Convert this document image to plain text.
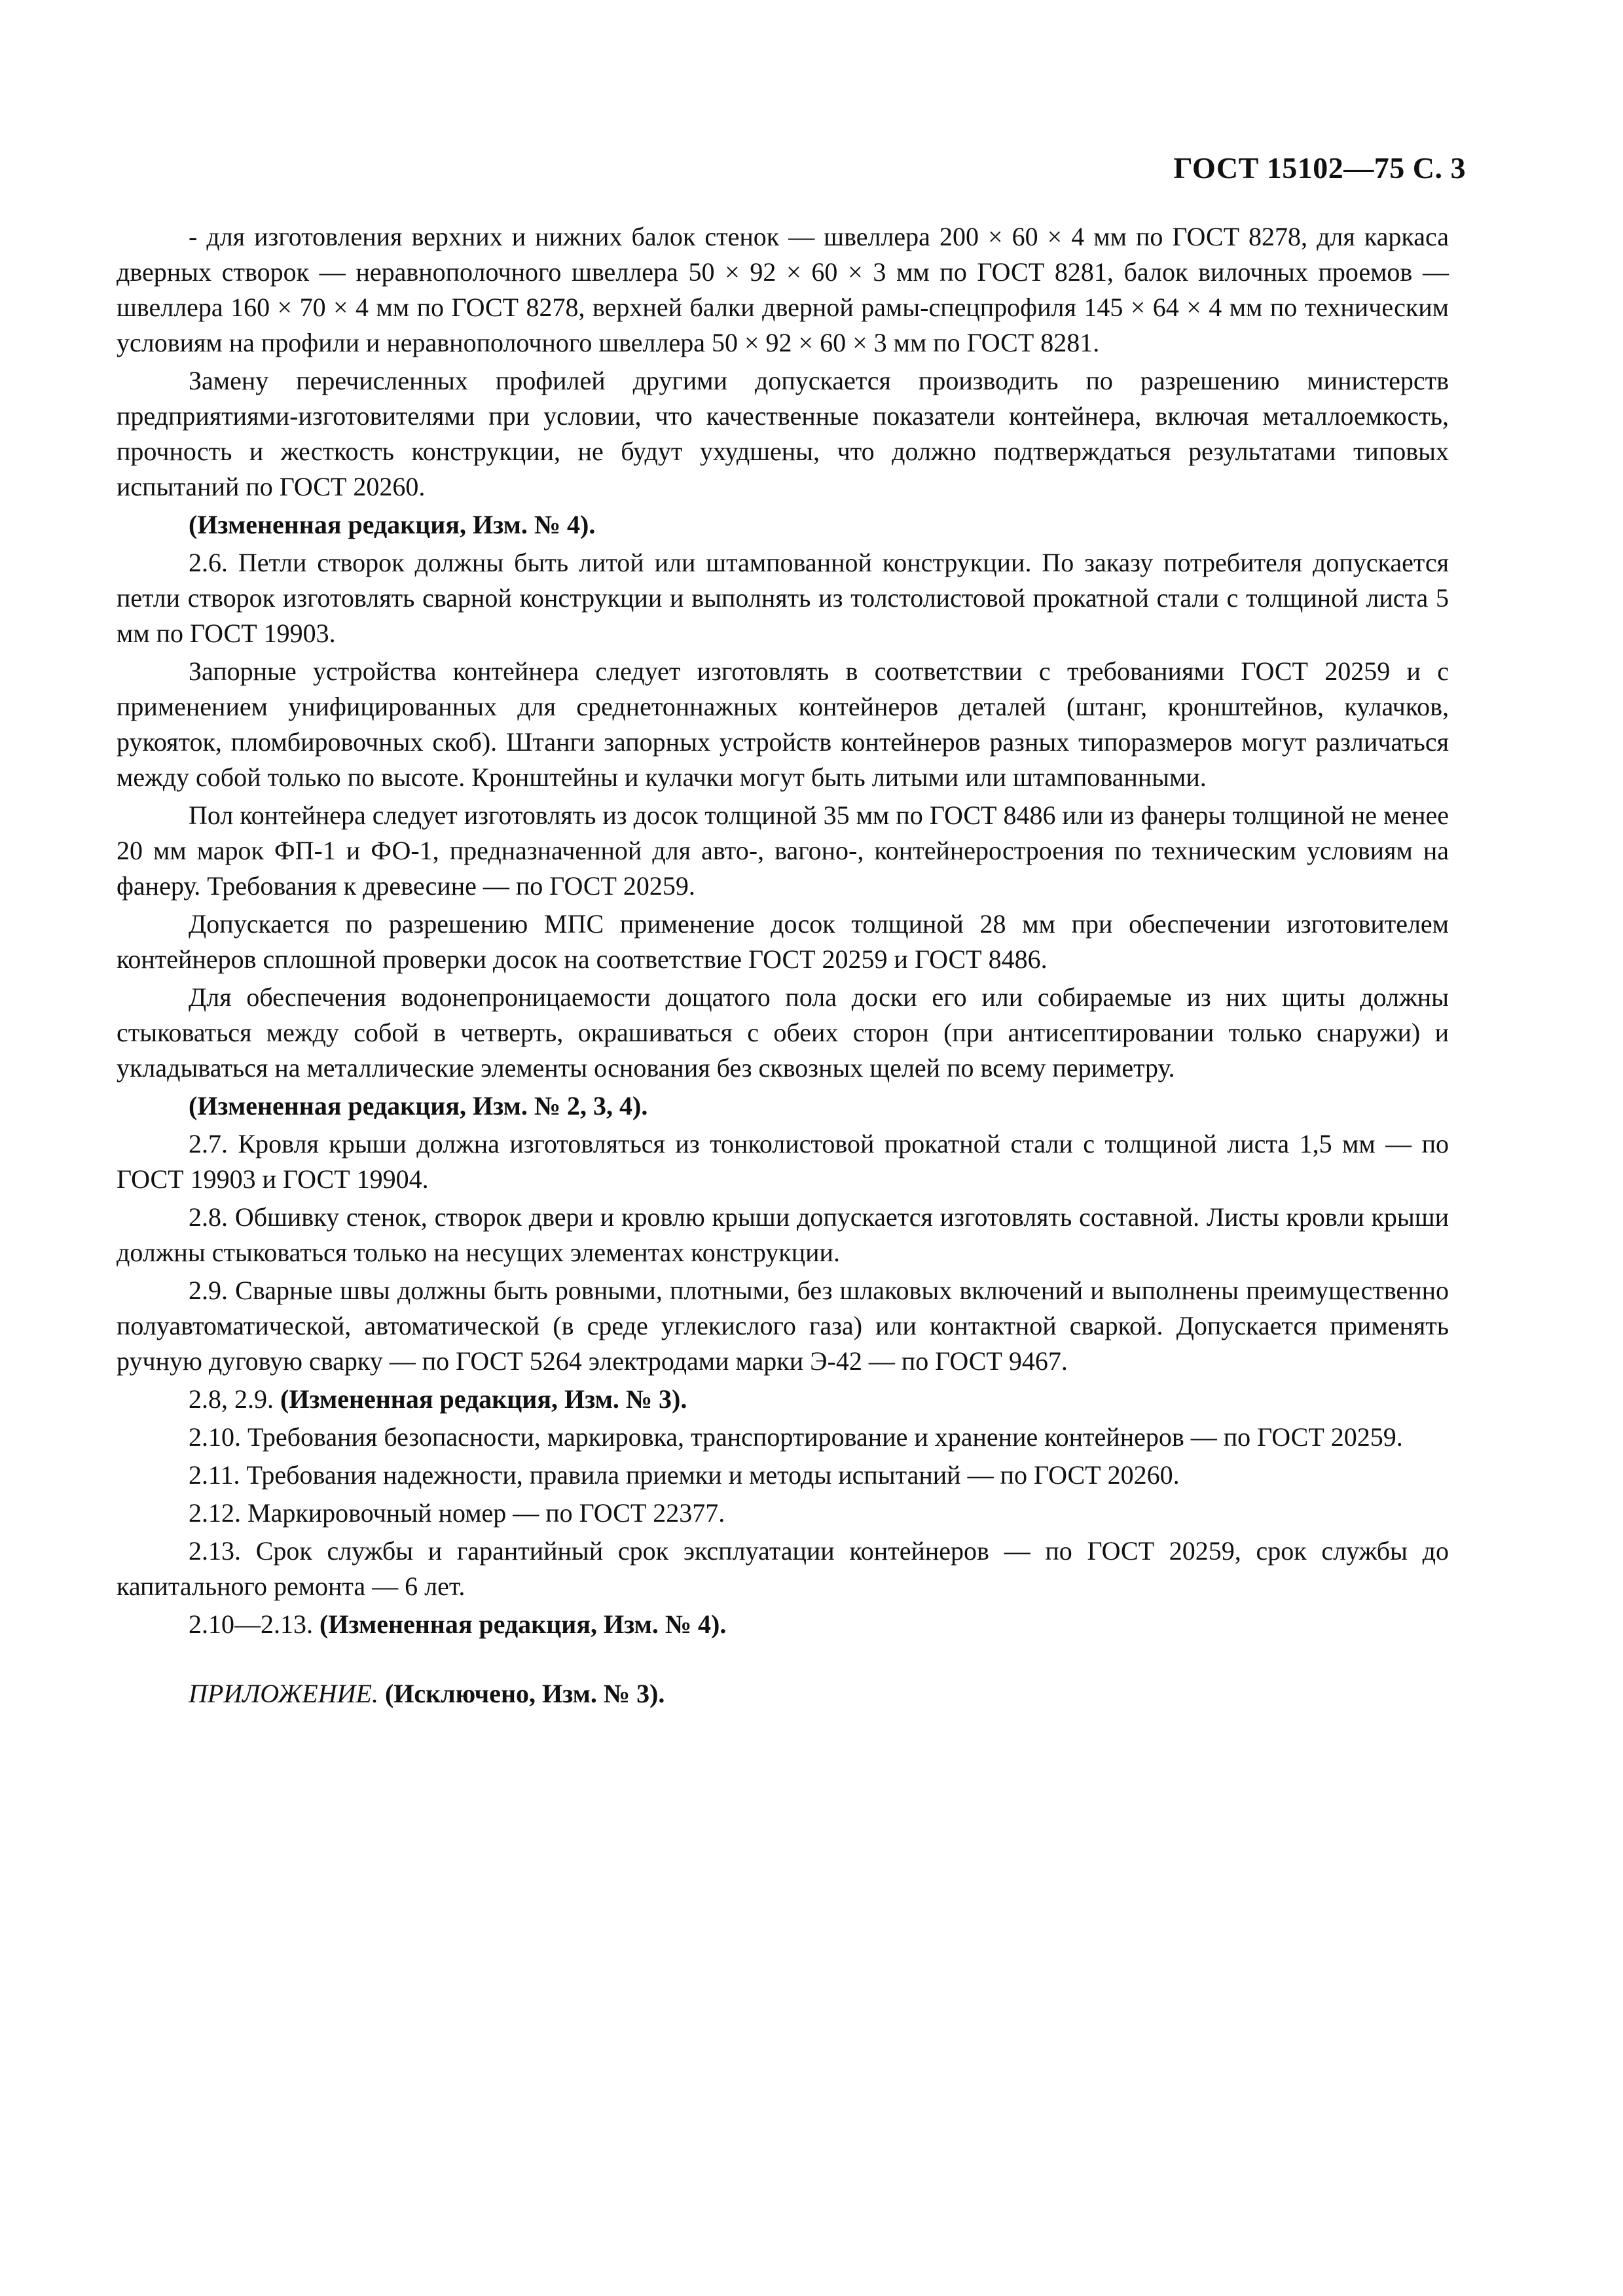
ГОСТ 15102—75 С. 3

- для изготовления верхних и нижних балок стенок — швеллера 200 × 60 × 4 мм по ГОСТ 8278, для каркаса дверных створок — неравнополочного швеллера 50 × 92 × 60 × 3 мм по ГОСТ 8281, балок вилочных проемов — швеллера 160 × 70 × 4 мм по ГОСТ 8278, верхней балки дверной рамы-спецпрофиля 145 × 64 × 4 мм по техническим условиям на профили и неравнополочного швеллера 50 × 92 × 60 × 3 мм по ГОСТ 8281.

Замену перечисленных профилей другими допускается производить по разрешению министерств предприятиями-изготовителями при условии, что качественные показатели контейнера, включая металлоемкость, прочность и жесткость конструкции, не будут ухудшены, что должно подтверждаться результатами типовых испытаний по ГОСТ 20260.

(Измененная редакция, Изм. № 4).

2.6. Петли створок должны быть литой или штампованной конструкции. По заказу потребителя допускается петли створок изготовлять сварной конструкции и выполнять из толстолистовой прокатной стали с толщиной листа 5 мм по ГОСТ 19903.

Запорные устройства контейнера следует изготовлять в соответствии с требованиями ГОСТ 20259 и с применением унифицированных для среднетоннажных контейнеров деталей (штанг, кронштейнов, кулачков, рукояток, пломбировочных скоб). Штанги запорных устройств контейнеров разных типоразмеров могут различаться между собой только по высоте. Кронштейны и кулачки могут быть литыми или штампованными.

Пол контейнера следует изготовлять из досок толщиной 35 мм по ГОСТ 8486 или из фанеры толщиной не менее 20 мм марок ФП-1 и ФО-1, предназначенной для авто-, вагоно-, контейнеростроения по техническим условиям на фанеру. Требования к древесине — по ГОСТ 20259.

Допускается по разрешению МПС применение досок толщиной 28 мм при обеспечении изготовителем контейнеров сплошной проверки досок на соответствие ГОСТ 20259 и ГОСТ 8486.

Для обеспечения водонепроницаемости дощатого пола доски его или собираемые из них щиты должны стыковаться между собой в четверть, окрашиваться с обеих сторон (при антисептировании только снаружи) и укладываться на металлические элементы основания без сквозных щелей по всему периметру.

(Измененная редакция, Изм. № 2, 3, 4).

2.7. Кровля крыши должна изготовляться из тонколистовой прокатной стали с толщиной листа 1,5 мм — по ГОСТ 19903 и ГОСТ 19904.

2.8. Обшивку стенок, створок двери и кровлю крыши допускается изготовлять составной. Листы кровли крыши должны стыковаться только на несущих элементах конструкции.

2.9. Сварные швы должны быть ровными, плотными, без шлаковых включений и выполнены преимущественно полуавтоматической, автоматической (в среде углекислого газа) или контактной сваркой. Допускается применять ручную дуговую сварку — по ГОСТ 5264 электродами марки Э-42 — по ГОСТ 9467.

2.8, 2.9. (Измененная редакция, Изм. № 3).

2.10. Требования безопасности, маркировка, транспортирование и хранение контейнеров — по ГОСТ 20259.

2.11. Требования надежности, правила приемки и методы испытаний — по ГОСТ 20260.

2.12. Маркировочный номер — по ГОСТ 22377.

2.13. Срок службы и гарантийный срок эксплуатации контейнеров — по ГОСТ 20259, срок службы до капитального ремонта — 6 лет.

2.10—2.13. (Измененная редакция, Изм. № 4).

ПРИЛОЖЕНИЕ. (Исключено, Изм. № 3).
